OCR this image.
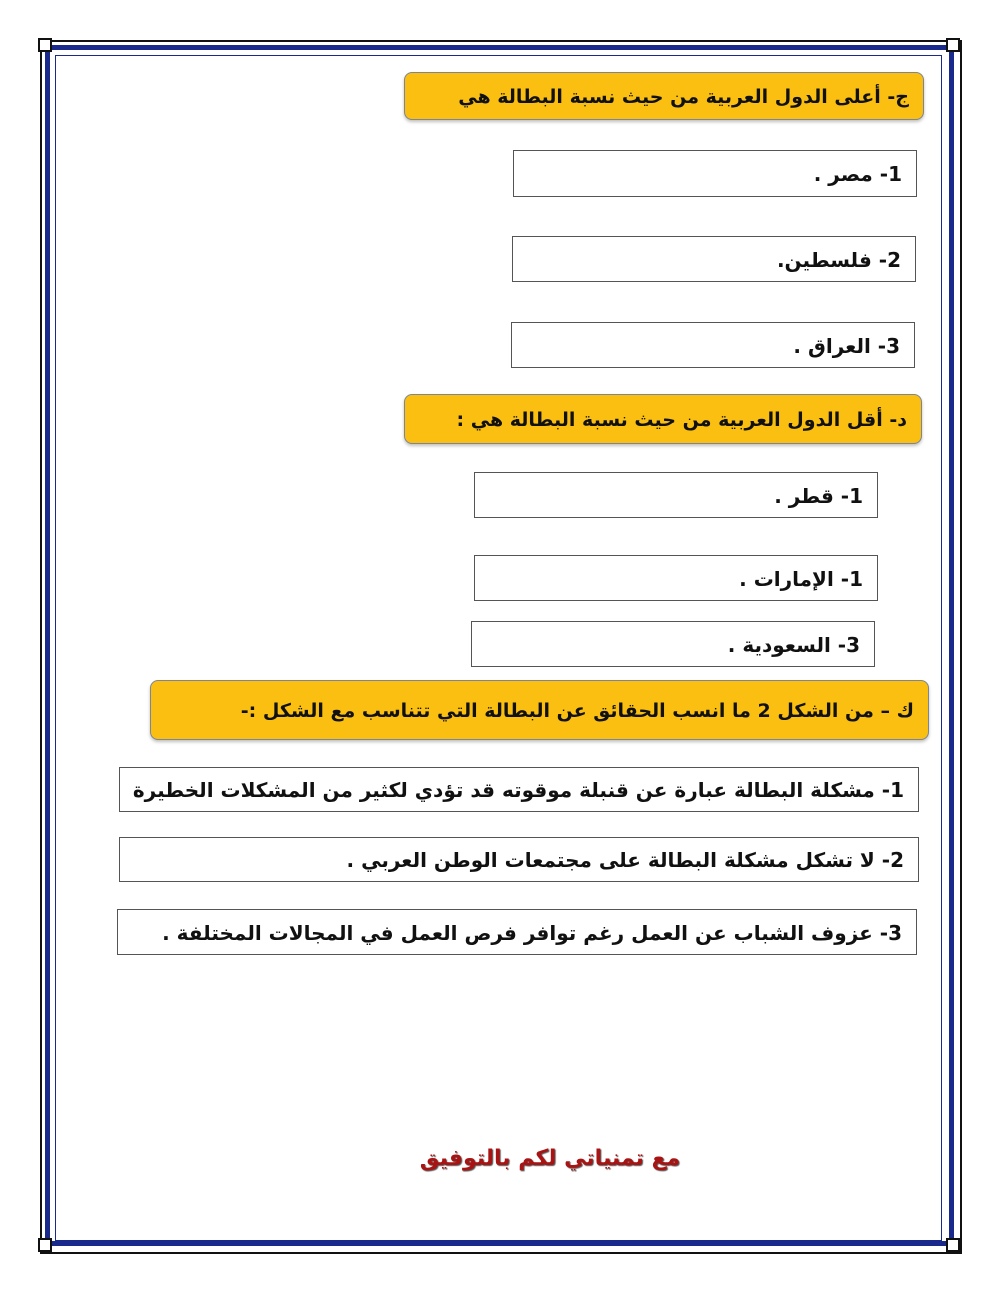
ج- أعلى الدول العربية من حيث نسبة البطالة هي
1- مصر .
2- فلسطين.
3- العراق .
د- أقل الدول العربية من حيث نسبة البطالة هي :
1- قطر .
1- الإمارات .
3- السعودية .
ك – من الشكل 2 ما انسب الحقائق عن البطالة التي تتناسب مع الشكل :-
1- مشكلة البطالة عبارة عن قنبلة موقوته قد تؤدي لكثير من المشكلات الخطيرة
2- لا تشكل مشكلة البطالة على مجتمعات الوطن العربي .
3- عزوف الشباب عن العمل رغم توافر فرص العمل في المجالات المختلفة .
مع تمنياتي لكم بالتوفيق
